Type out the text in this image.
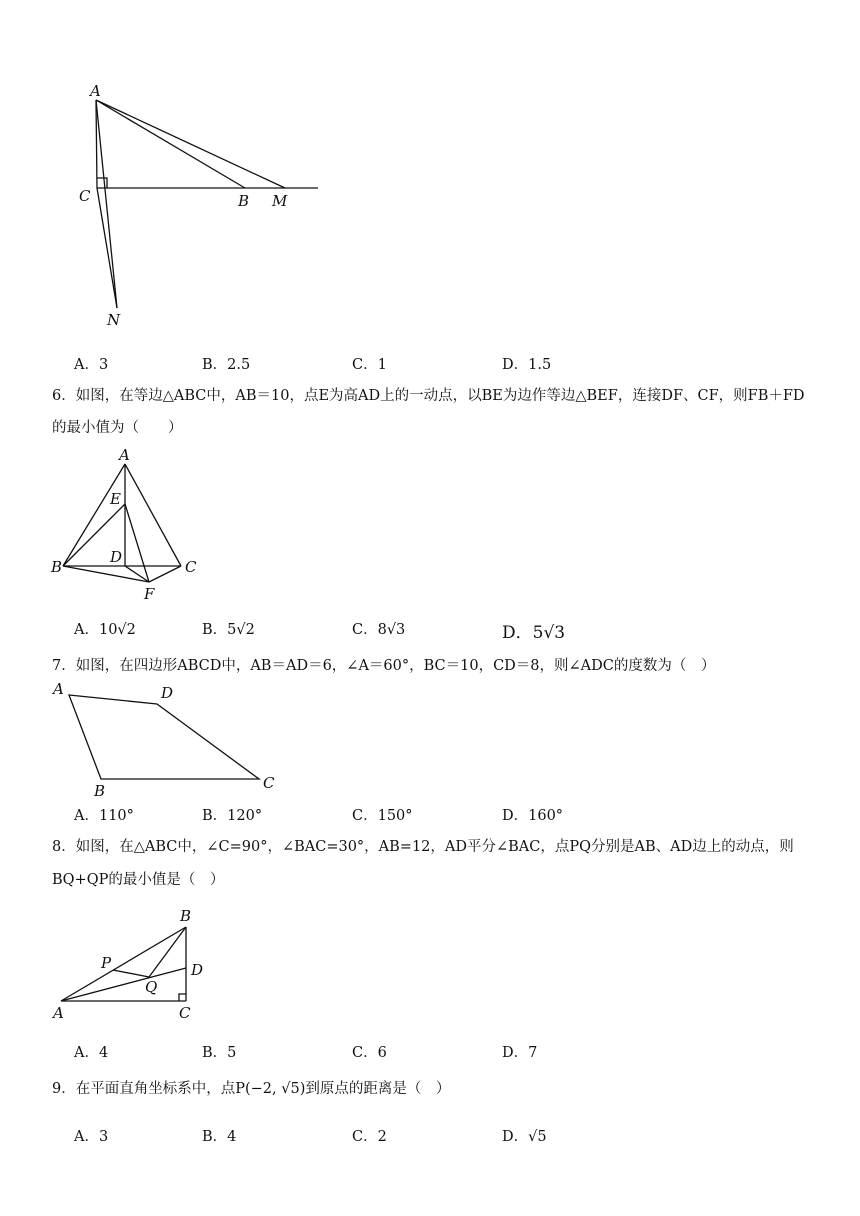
A
C	B M
N
A．3	B．2.5	C．1	D．1.5
6．如图，在等边△ABC中，AB＝10，点E为高AD上的一动点，以BE为边作等边△BEF，连接DF、CF，则FB＋FD
的最小值为（　　）
A
E
B
D
C
F
A．10√2	B．5√2	C．8√3	D．5√3
7．如图，在四边形ABCD中，AB＝AD＝6，∠A＝60°，BC＝10，CD＝8，则∠ADC的度数为（　）
A	D
B	C
A．110°	B．120°	C．150°	D．160°
8．如图，在△ABC中，∠C=90°，∠BAC=30°，AB=12，AD平分∠BAC，点PQ分别是AB、AD边上的动点，则
BQ+QP的最小值是（　）
B
P	D
Q
A	C
A．4	B．5	C．6	D．7
9．在平面直角坐标系中，点P(−2, √5)到原点的距离是（　）
A．3	B．4	C．2	D．√5
